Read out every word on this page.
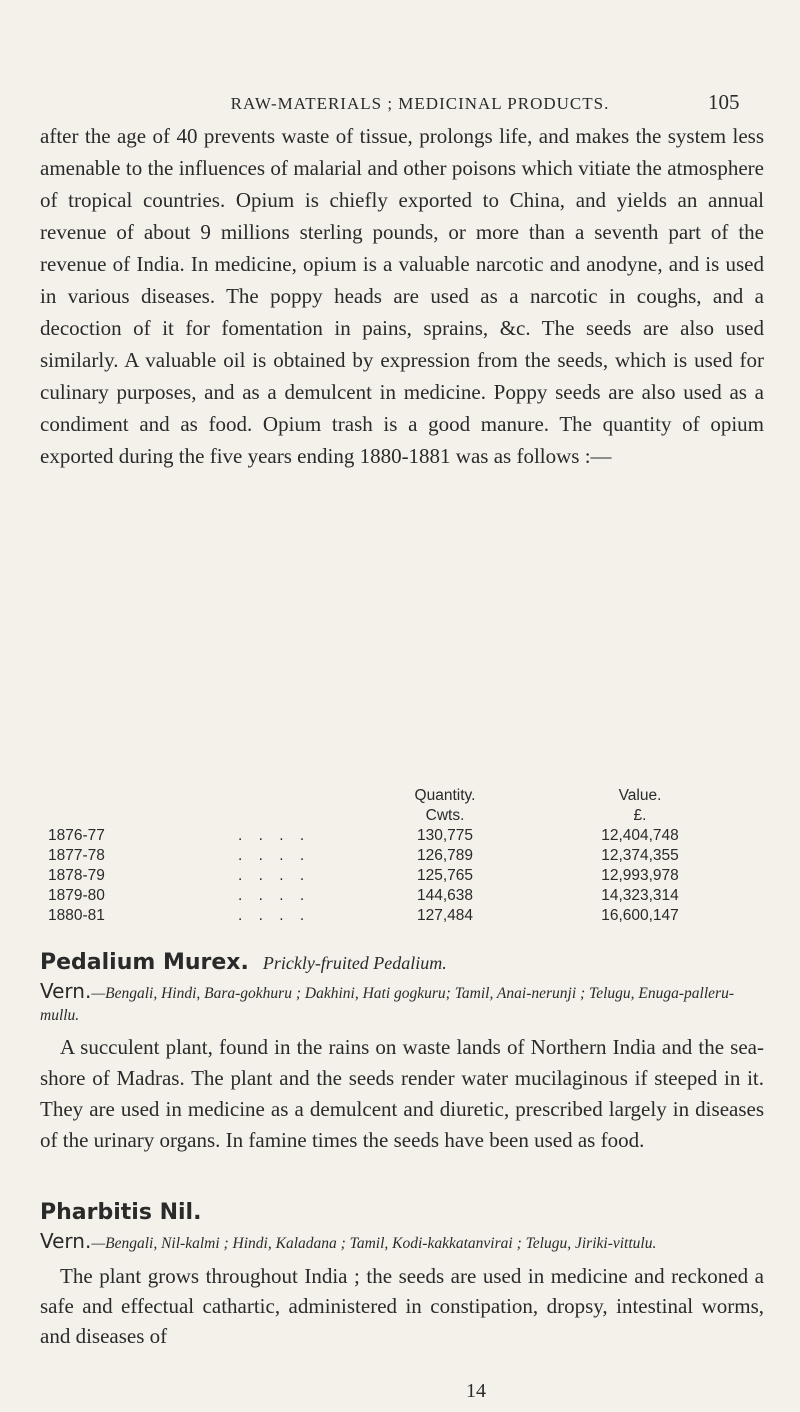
RAW-MATERIALS ; MEDICINAL PRODUCTS.	105

after the age of 40 prevents waste of tissue, prolongs life, and makes the system less amenable to the influences of malarial and other poisons which vitiate the atmosphere of tropical countries. Opium is chiefly exported to China, and yields an annual revenue of about 9 millions sterling pounds, or more than a seventh part of the revenue of India. In medicine, opium is a valuable narcotic and anodyne, and is used in various diseases. The poppy heads are used as a narcotic in coughs, and a decoction of it for fomentation in pains, sprains, &c. The seeds are also used similarly. A valuable oil is obtained by expression from the seeds, which is used for culinary purposes, and as a demulcent in medicine. Poppy seeds are also used as a condiment and as food. Opium trash is a good manure. The quantity of opium exported during the five years ending 1880-1881 was as follows :—

		Quantity.	Value.
		Cwts.	£.
1876-77	. . . .	130,775	12,404,748
1877-78	. . . .	126,789	12,374,355
1878-79	. . . .	125,765	12,993,978
1879-80	. . . .	144,638	14,323,314
1880-81	. . . .	127,484	16,600,147
Pedalium Murex. Prickly-fruited Pedalium.
Vern.—Bengali, Hindi, Bara-gokhuru ; Dakhini, Hati gogkuru; Tamil, Anai-nerunji ; Telugu, Enuga-palleru-mullu.

A succulent plant, found in the rains on waste lands of Northern India and the sea-shore of Madras. The plant and the seeds render water mucilaginous if steeped in it. They are used in medicine as a demulcent and diuretic, prescribed largely in diseases of the urinary organs. In famine times the seeds have been used as food.

Pharbitis Nil.
Vern.—Bengali, Nil-kalmi ; Hindi, Kaladana ; Tamil, Kodi-kakkatanvirai ; Telugu, Jiriki-vittulu.

The plant grows throughout India ; the seeds are used in medicine and reckoned a safe and effectual cathartic, administered in constipation, dropsy, intestinal worms, and diseases of

14
